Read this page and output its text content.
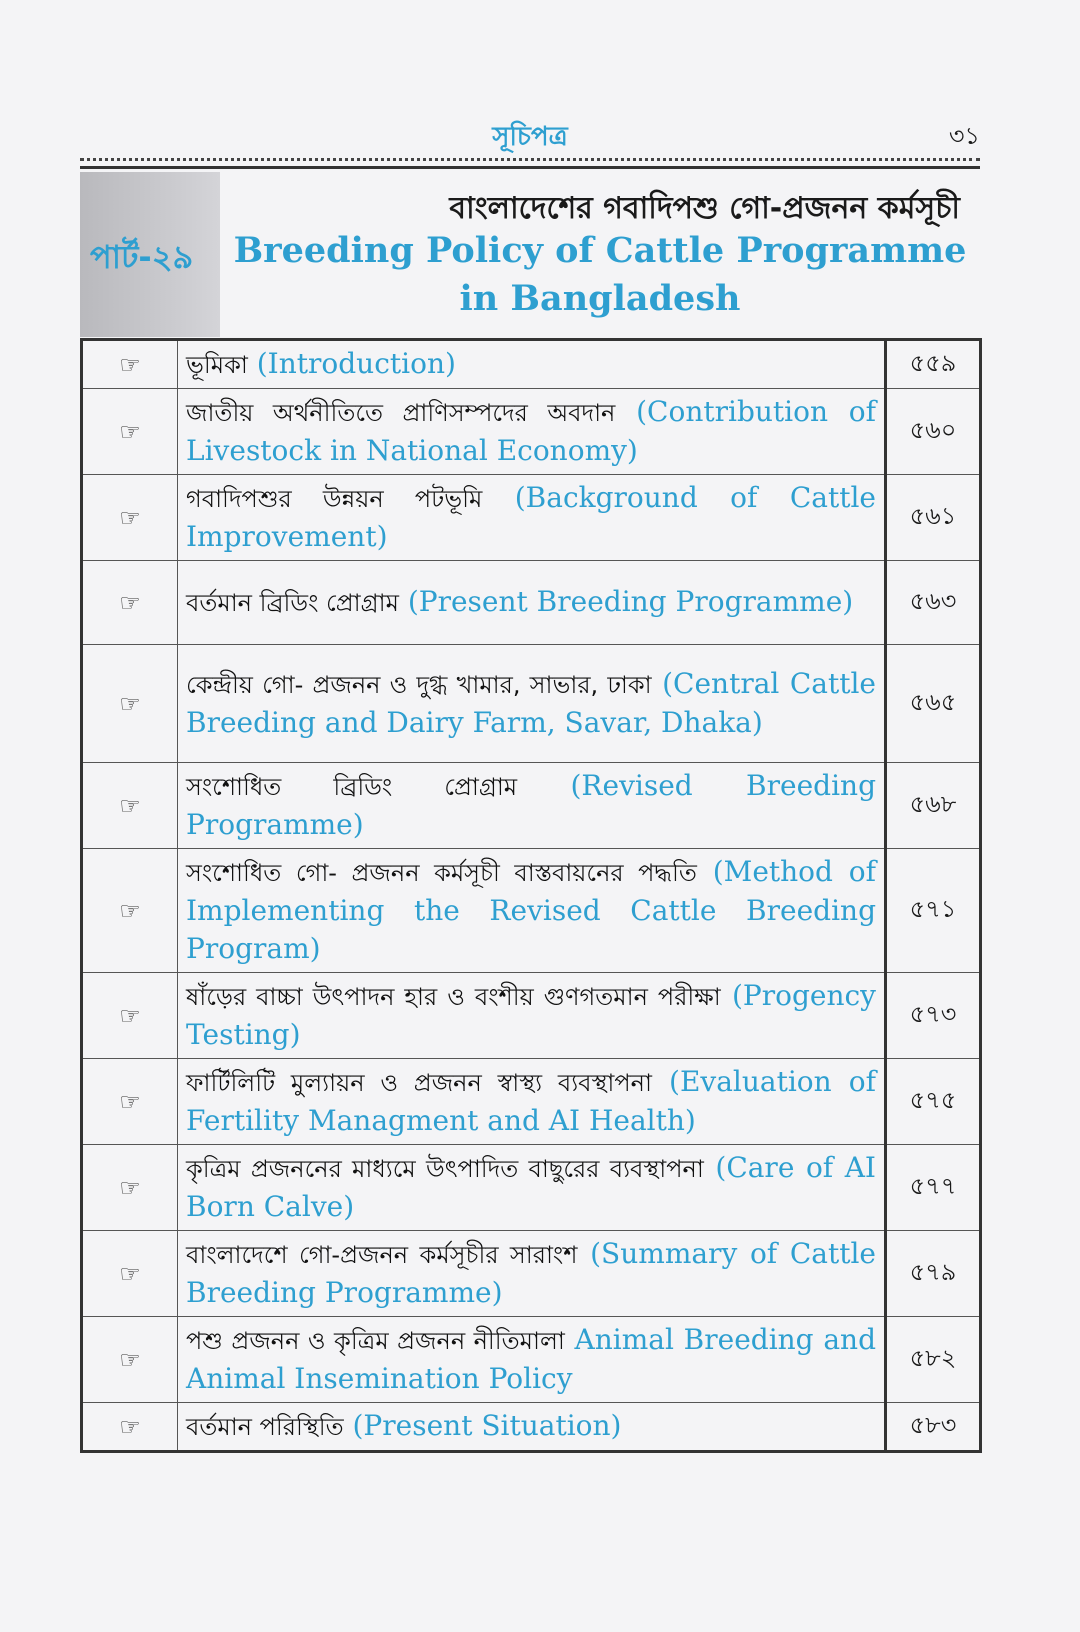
সূচিপত্র	৩১
পার্ট-২৯
বাংলাদেশের গবাদিপশু গো-প্রজনন কর্মসূচী
Breeding Policy of Cattle Programme
in Bangladesh
☞	ভূমিকা (Introduction)	৫৫৯
☞	জাতীয় অর্থনীতিতে প্রাণিসম্পদের অবদান (Contribution of Livestock in National Economy)	৫৬০
☞	গবাদিপশুর উন্নয়ন পটভূমি (Background of Cattle Improvement)	৫৬১
☞	বর্তমান ব্রিডিং প্রোগ্রাম (Present Breeding Programme)	৫৬৩
☞	কেন্দ্রীয় গো- প্রজনন ও দুগ্ধ খামার, সাভার, ঢাকা (Central Cattle Breeding and Dairy Farm, Savar, Dhaka)	৫৬৫
☞	সংশোধিত ব্রিডিং প্রোগ্রাম (Revised Breeding Programme)	৫৬৮
☞	সংশোধিত গো- প্রজনন কর্মসূচী বাস্তবায়নের পদ্ধতি (Method of Implementing the Revised Cattle Breeding Program)	৫৭১
☞	ষাঁড়ের বাচ্চা উৎপাদন হার ও বংশীয় গুণগতমান পরীক্ষা (Progency Testing)	৫৭৩
☞	ফার্টিলিটি মুল্যায়ন ও প্রজনন স্বাস্থ্য ব্যবস্থাপনা (Evaluation of Fertility Managment and AI Health)	৫৭৫
☞	কৃত্রিম প্রজননের মাধ্যমে উৎপাদিত বাছুরের ব্যবস্থাপনা (Care of AI Born Calve)	৫৭৭
☞	বাংলাদেশে গো-প্রজনন কর্মসূচীর সারাংশ (Summary of Cattle Breeding Programme)	৫৭৯
☞	পশু প্রজনন ও কৃত্রিম প্রজনন নীতিমালা Animal Breeding and Animal Insemination Policy	৫৮২
☞	বর্তমান পরিস্থিতি (Present Situation)	৫৮৩
